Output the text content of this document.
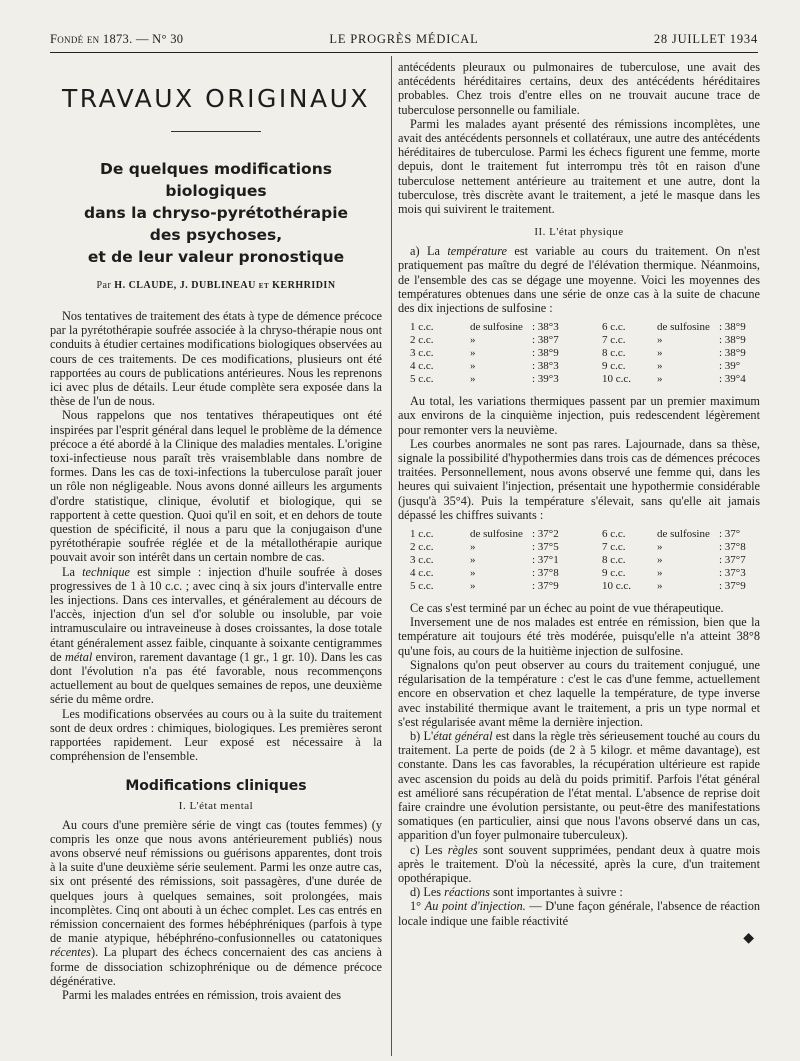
Fondé en 1873. — N° 30	LE PROGRÈS MÉDICAL	28 JUILLET 1934
TRAVAUX ORIGINAUX
De quelques modifications biologiques
dans la chryso-pyrétothérapie
des psychoses,
et de leur valeur pronostique
Par H. CLAUDE, J. DUBLINEAU et KERHRIDIN

Nos tentatives de traitement des états à type de démence précoce par la pyrétothérapie soufrée associée à la chryso-thérapie nous ont conduits à étudier certaines modifications biologiques observées au cours de ces traitements. De ces modifications, plusieurs ont été rapportées au cours de publications antérieures. Nous les reprenons ici avec plus de détails. Leur étude complète sera exposée dans la thèse de l'un de nous.

Nous rappelons que nos tentatives thérapeutiques ont été inspirées par l'esprit général dans lequel le problème de la démence précoce a été abordé à la Clinique des maladies mentales. L'origine toxi-infectieuse nous paraît très vraisemblable dans nombre de formes. Dans les cas de toxi-infections la tuberculose paraît jouer un rôle non négligeable. Nous avons donné ailleurs les arguments d'ordre statistique, clinique, évolutif et biologique, qui se rapportent à cette question. Quoi qu'il en soit, et en dehors de toute question de spécificité, il nous a paru que la conjugaison d'une pyrétothérapie soufrée réglée et de la métallothérapie aurique pouvait avoir son intérêt dans un certain nombre de cas.

La technique est simple : injection d'huile soufrée à doses progressives de 1 à 10 c.c. ; avec cinq à six jours d'intervalle entre les injections. Dans ces intervalles, et généralement au décours de l'accès, injection d'un sel d'or soluble ou insoluble, par voie intramusculaire ou intraveineuse à doses croissantes, la dose totale étant généralement assez faible, cinquante à soixante centigrammes de métal environ, rarement davantage (1 gr., 1 gr. 10). Dans les cas dont l'évolution n'a pas été favorable, nous recommençons actuellement au bout de quelques semaines de repos, une deuxième série du même ordre.

Les modifications observées au cours ou à la suite du traitement sont de deux ordres : chimiques, biologiques. Les premières seront rapportées rapidement. Leur exposé est nécessaire à la compréhension de l'ensemble.

Modifications cliniques
I. L'état mental

Au cours d'une première série de vingt cas (toutes femmes) (y compris les onze que nous avons antérieurement publiés) nous avons observé neuf rémissions ou guérisons apparentes, dont trois à la suite d'une deuxième série seulement. Parmi les onze autre cas, six ont présenté des rémissions, soit passagères, d'une durée de quelques jours à quelques semaines, soit prolongées, mais incomplètes. Cinq ont abouti à un échec complet. Les cas entrés en rémission concernaient des formes hébéphréniques (parfois à type de manie atypique, hébéphréno-confusionnelles ou catatoniques récentes). La plupart des échecs concernaient des cas anciens à forme de dissociation schizophrénique ou de démence précoce dégénérative.

Parmi les malades entrées en rémission, trois avaient des

antécédents pleuraux ou pulmonaires de tuberculose, une avait des antécédents héréditaires certains, deux des antécédents héréditaires probables. Chez trois d'entre elles on ne trouvait aucune trace de tuberculose personnelle ou familiale.

Parmi les malades ayant présenté des rémissions incomplètes, une avait des antécédents personnels et collatéraux, une autre des antécédents héréditaires de tuberculose. Parmi les échecs figurent une femme, morte depuis, dont le traitement fut interrompu très tôt en raison d'une tuberculose nettement antérieure au traitement et une autre, dont la tuberculose, très discrète avant le traitement, a jeté le masque dans les mois qui suivirent le traitement.

II. L'état physique

a) La température est variable au cours du traitement. On n'est pratiquement pas maître du degré de l'élévation thermique. Néanmoins, de l'ensemble des cas se dégage une moyenne. Voici les moyennes des températures obtenues dans une série de onze cas à la suite de chacune des dix injections de sulfosine :

1 c.c.	de sulfosine : 38°3	6 c.c.	de sulfosine : 38°9
2 c.c.	»	: 38°7	7 c.c.	»	: 38°9
3 c.c.	»	: 38°9	8 c.c.	»	: 38°9
4 c.c.	»	: 38°3	9 c.c.	»	: 39°
5 c.c.	»	: 39°3	10 c.c.	»	: 39°4

Au total, les variations thermiques passent par un premier maximum aux environs de la cinquième injection, puis redescendent légèrement pour remonter vers la neuvième.

Les courbes anormales ne sont pas rares. Lajournade, dans sa thèse, signale la possibilité d'hypothermies dans trois cas de démences précoces traitées. Personnellement, nous avons observé une femme qui, dans les heures qui suivaient l'injection, présentait une hypothermie considérable (jusqu'à 35°4). Puis la température s'élevait, sans qu'elle ait jamais dépassé les chiffres suivants :

1 c.c.	de sulfosine : 37°2	6 c.c.	de sulfosine : 37°
2 c.c.	»	: 37°5	7 c.c.	»	: 37°8
3 c.c.	»	: 37°1	8 c.c.	»	: 37°7
4 c.c.	»	: 37°8	9 c.c.	»	: 37°3
5 c.c.	»	: 37°9	10 c.c.	»	: 37°9

Ce cas s'est terminé par un échec au point de vue thérapeutique.

Inversement une de nos malades est entrée en rémission, bien que la température ait toujours été très modérée, puisqu'elle n'a atteint 38°8 qu'une fois, au cours de la huitième injection de sulfosine.

Signalons qu'on peut observer au cours du traitement conjugué, une régularisation de la température : c'est le cas d'une femme, actuellement encore en observation et chez laquelle la température, de type inverse avec instabilité thermique avant le traitement, a pris un type normal et s'est régularisée avant même la dernière injection.

b) L'état général est dans la règle très sérieusement touché au cours du traitement. La perte de poids (de 2 à 5 kilogr. et même davantage), est constante. Dans les cas favorables, la récupération ultérieure est rapide avec ascension du poids au delà du poids primitif. Parfois l'état général est amélioré sans récupération de l'état mental. L'absence de reprise doit faire craindre une évolution persistante, ou peut-être des manifestations somatiques (en particulier, ainsi que nous l'avons observé dans un cas, apparition d'un foyer pulmonaire tuberculeux).

c) Les règles sont souvent supprimées, pendant deux à quatre mois après le traitement. D'où la nécessité, après la cure, d'un traitement opothérapique.

d) Les réactions sont importantes à suivre :

1° Au point d'injection. — D'une façon générale, l'absence de réaction locale indique une faible réactivité

◆
